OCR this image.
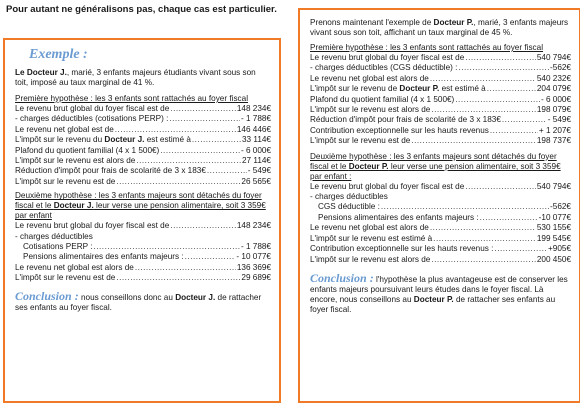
Pour autant ne généralisons pas, chaque cas est particulier.
Exemple :
Le Docteur J., marié, 3 enfants majeurs étudiants vivant sous son toit, imposé au taux marginal de 41 %.
Première hypothèse : les 3 enfants sont rattachés au foyer fiscal
Le revenu brut global du foyer fiscal est de .....	148 234€
- charges déductibles (cotisations PERP) : .....	- 1 788€
Le revenu net global est de .....	146 446€
L'impôt sur le revenu du Docteur J. est estimé à .....	33 114€
Plafond du quotient familial (4 x 1 500€) .....	- 6 000€
L'impôt sur le revenu est alors de .....	27 114€
Réduction d'impôt pour frais de scolarité de 3 x 183€ .....	- 549€
L'impôt sur le revenu est de .....	26 565€
Deuxième hypothèse : les 3 enfants majeurs sont détachés du foyer fiscal et le Docteur J. leur verse une pension alimentaire, soit 3 359€ par enfant
Le revenu brut global du foyer fiscal est de .....	148 234€
- charges déductibles
Cotisations PERP : .....	- 1 788€
Pensions alimentaires des enfants majeurs : .....	- 10 077€
Le revenu net global est alors de .....	136 369€
L'impôt sur le revenu est de .....	29 689€
Conclusion : nous conseillons donc au Docteur J. de rattacher ses enfants au foyer fiscal.
Prenons maintenant l'exemple de Docteur P., marié, 3 enfants majeurs vivant sous son toit, affichant un taux marginal de 45 %.
Première hypothèse : les 3 enfants sont rattachés au foyer fiscal
Le revenu brut global du foyer fiscal est de .....	540 794€
- charges déductibles (CGS déductible) : .....	-562€
Le revenu net global est alors de .....	540 232€
L'impôt sur le revenu de Docteur P. est estimé à .....	204 079€
Plafond du quotient familial (4 x 1 500€) .....	- 6 000€
L'impôt sur le revenu est alors de .....	198 079€
Réduction d'impôt pour frais de scolarité de 3 x 183€ .....	- 549€
Contribution exceptionnelle sur les hauts revenus .....	+ 1 207€
L'impôt sur le revenu est de .....	198 737€
Deuxième hypothèse : les 3 enfants majeurs sont détachés du foyer fiscal et le Docteur P. leur verse une pension alimentaire, soit 3 359€ par enfant :
Le revenu brut global du foyer fiscal est de .....	540 794€
- charges déductibles
CGS déductible : .....	-562€
Pensions alimentaires des enfants majeurs : .....	-10 077€
Le revenu net global est alors de .....	530 155€
L'impôt sur le revenu est estimé à .....	199 545€
Contribution exceptionnelle sur les hauts revenus : .....	+905€
L'impôt sur le revenu est alors de .....	200 450€
Conclusion : l'hypothèse la plus avantageuse est de conserver les enfants majeurs poursuivant leurs études dans le foyer fiscal. Là encore, nous conseillons au Docteur P. de rattacher ses enfants au foyer fiscal.
